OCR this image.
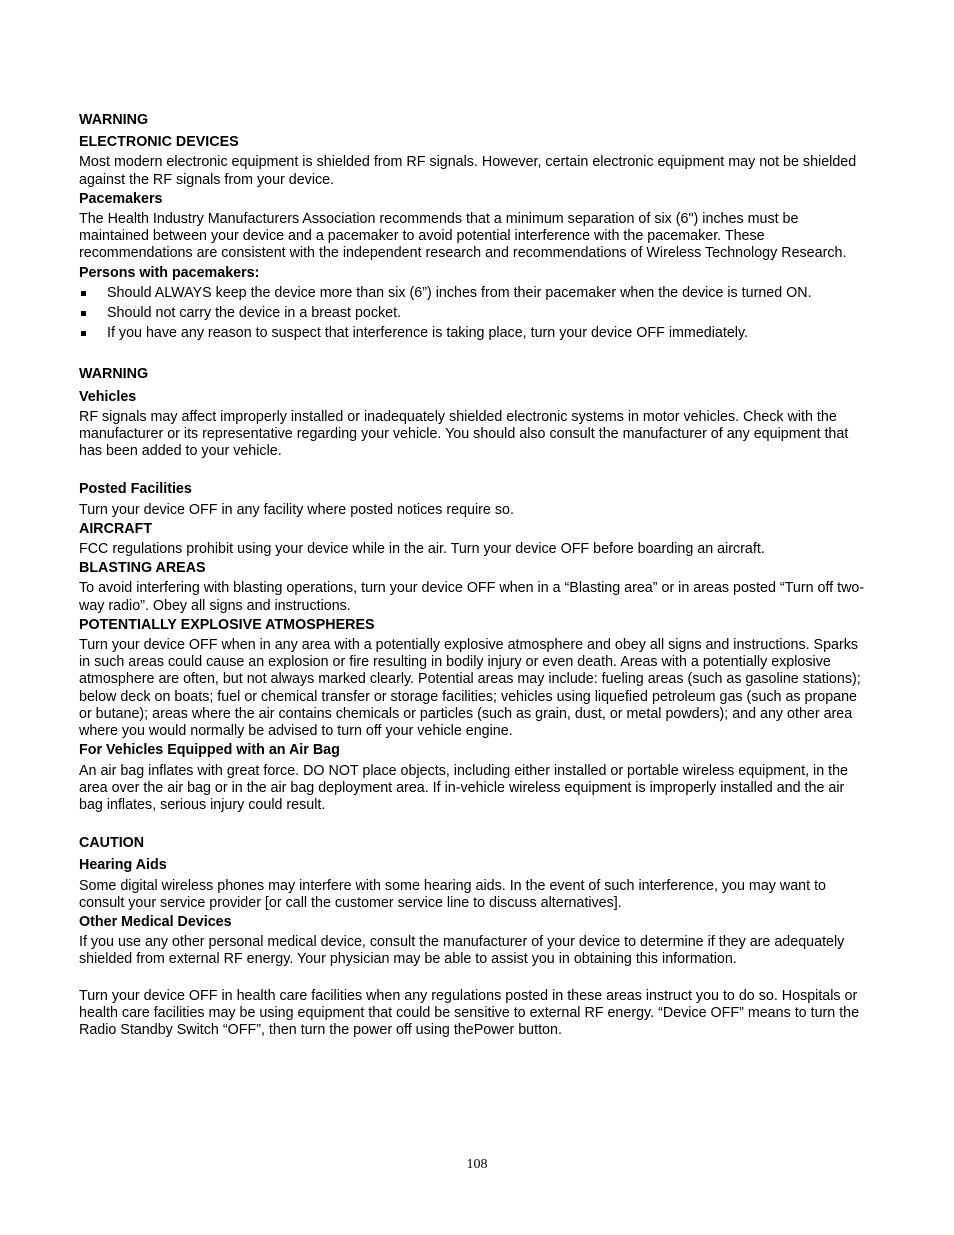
WARNING
ELECTRONIC DEVICES

Most modern electronic equipment is shielded from RF signals. However, certain electronic equipment may not be shielded against the RF signals from your device.

Pacemakers

The Health Industry Manufacturers Association recommends that a minimum separation of six (6") inches must be maintained between your device and a pacemaker to avoid potential interference with the pacemaker. These recommendations are consistent with the independent research and recommendations of Wireless Technology Research.

Persons with pacemakers:
Should ALWAYS keep the device more than six (6”) inches from their pacemaker when the device is turned ON.
Should not carry the device in a breast pocket.
If you have any reason to suspect that interference is taking place, turn your device OFF immediately.
WARNING
Vehicles

RF signals may affect improperly installed or inadequately shielded electronic systems in motor vehicles. Check with the manufacturer or its representative regarding your vehicle. You should also consult the manufacturer of any equipment that has been added to your vehicle.

Posted Facilities

Turn your device OFF in any facility where posted notices require so.

AIRCRAFT

FCC regulations prohibit using your device while in the air. Turn your device OFF before boarding an aircraft.

BLASTING AREAS

To avoid interfering with blasting operations, turn your device OFF when in a “Blasting area” or in areas posted “Turn off two-way radio”. Obey all signs and instructions.

POTENTIALLY EXPLOSIVE ATMOSPHERES

Turn your device OFF when in any area with a potentially explosive atmosphere and obey all signs and instructions. Sparks in such areas could cause an explosion or fire resulting in bodily injury or even death. Areas with a potentially explosive atmosphere are often, but not always marked clearly. Potential areas may include: fueling areas (such as gasoline stations); below deck on boats; fuel or chemical transfer or storage facilities; vehicles using liquefied petroleum gas (such as propane or butane); areas where the air contains chemicals or particles (such as grain, dust, or metal powders); and any other area where you would normally be advised to turn off your vehicle engine.

For Vehicles Equipped with an Air Bag

An air bag inflates with great force. DO NOT place objects, including either installed or portable wireless equipment, in the area over the air bag or in the air bag deployment area. If in-vehicle wireless equipment is improperly installed and the air bag inflates, serious injury could result.

CAUTION
Hearing Aids

Some digital wireless phones may interfere with some hearing aids. In the event of such interference, you may want to consult your service provider [or call the customer service line to discuss alternatives].

Other Medical Devices

If you use any other personal medical device, consult the manufacturer of your device to determine if they are adequately shielded from external RF energy. Your physician may be able to assist you in obtaining this information.

Turn your device OFF in health care facilities when any regulations posted in these areas instruct you to do so. Hospitals or health care facilities may be using equipment that could be sensitive to external RF energy. “Device OFF” means to turn the Radio Standby Switch “OFF”, then turn the power off using thePower button.

108
